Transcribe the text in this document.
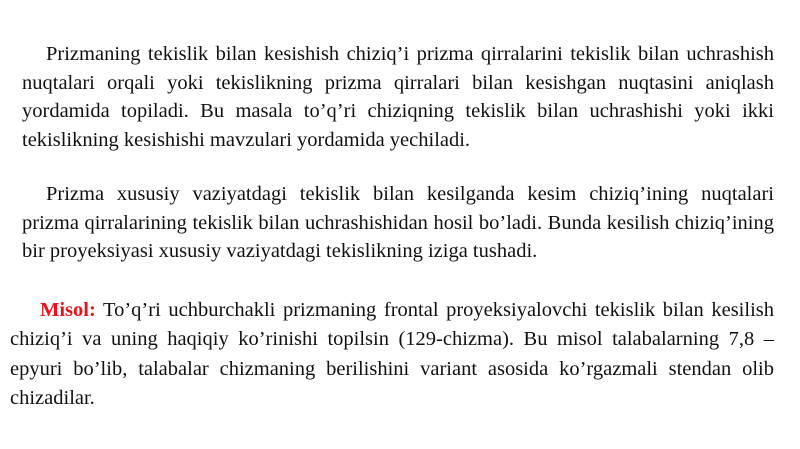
Prizmaning tekislik bilan kesishish chiziq’i prizma qirralarini tekislik bilan uchrashish nuqtalari orqali yoki tekislikning prizma qirralari bilan kesishgan nuqtasini aniqlash yordamida topiladi. Bu masala to’q’ri chiziqning tekislik bilan uchrashishi yoki ikki tekislikning kesishishi mavzulari yordamida yechiladi.

Prizma xususiy vaziyatdagi tekislik bilan kesilganda kesim chiziq’ining nuqtalari prizma qirralarining tekislik bilan uchrashishidan hosil bo’ladi. Bunda kesilish chiziq’ining bir proyeksiyasi xususiy vaziyatdagi tekislikning iziga tushadi.

Misol: To’q’ri uchburchakli prizmaning frontal proyeksiyalovchi tekislik bilan kesilish chiziq’i va uning haqiqiy ko’rinishi topilsin (129-chizma). Bu misol talabalarning 7,8 – epyuri bo’lib, talabalar chizmaning berilishini variant asosida ko’rgazmali stendan olib chizadilar.
